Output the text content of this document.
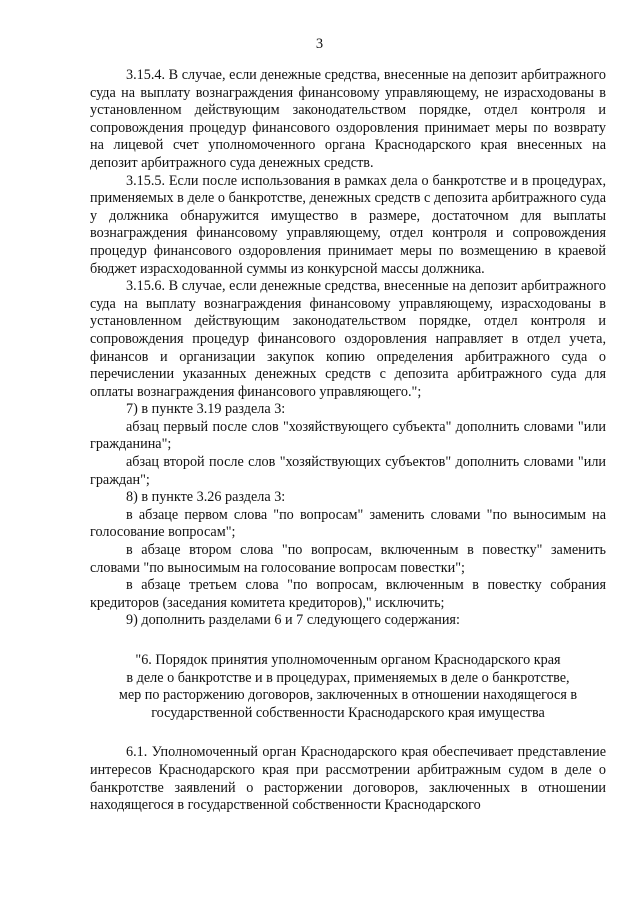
3

3.15.4. В случае, если денежные средства, внесенные на депозит арбитражного суда на выплату вознаграждения финансовому управляющему, не израсходованы в установленном действующим законодательством порядке, отдел контроля и сопровождения процедур финансового оздоровления принимает меры по возврату на лицевой счет уполномоченного органа Краснодарского края внесенных на депозит арбитражного суда денежных средств.

3.15.5. Если после использования в рамках дела о банкротстве и в процедурах, применяемых в деле о банкротстве, денежных средств с депозита арбитражного суда у должника обнаружится имущество в размере, достаточном для выплаты вознаграждения финансовому управляющему, отдел контроля и сопровождения процедур финансового оздоровления принимает меры по возмещению в краевой бюджет израсходованной суммы из конкурсной массы должника.

3.15.6. В случае, если денежные средства, внесенные на депозит арбитражного суда на выплату вознаграждения финансовому управляющему, израсходованы в установленном действующим законодательством порядке, отдел контроля и сопровождения процедур финансового оздоровления направляет в отдел учета, финансов и организации закупок копию определения арбитражного суда о перечислении указанных денежных средств с депозита арбитражного суда для оплаты вознаграждения финансового управляющего.";

7) в пункте 3.19 раздела 3:

абзац первый после слов "хозяйствующего субъекта" дополнить словами "или гражданина";

абзац второй после слов "хозяйствующих субъектов" дополнить словами "или граждан";

8) в пункте 3.26 раздела 3:

в абзаце первом слова "по вопросам" заменить словами "по выносимым на голосование вопросам";

в абзаце втором слова "по вопросам, включенным в повестку" заменить словами "по выносимым на голосование вопросам повестки";

в абзаце третьем слова "по вопросам, включенным в повестку собрания кредиторов (заседания комитета кредиторов)," исключить;

9) дополнить разделами 6 и 7 следующего содержания:

"6. Порядок принятия уполномоченным органом Краснодарского края
в деле о банкротстве и в процедурах, применяемых в деле о банкротстве,
мер по расторжению договоров, заключенных в отношении находящегося в
государственной собственности Краснодарского края имущества

6.1. Уполномоченный орган Краснодарского края обеспечивает представление интересов Краснодарского края при рассмотрении арбитражным судом в деле о банкротстве заявлений о расторжении договоров, заключенных в отношении находящегося в государственной собственности Краснодарского
